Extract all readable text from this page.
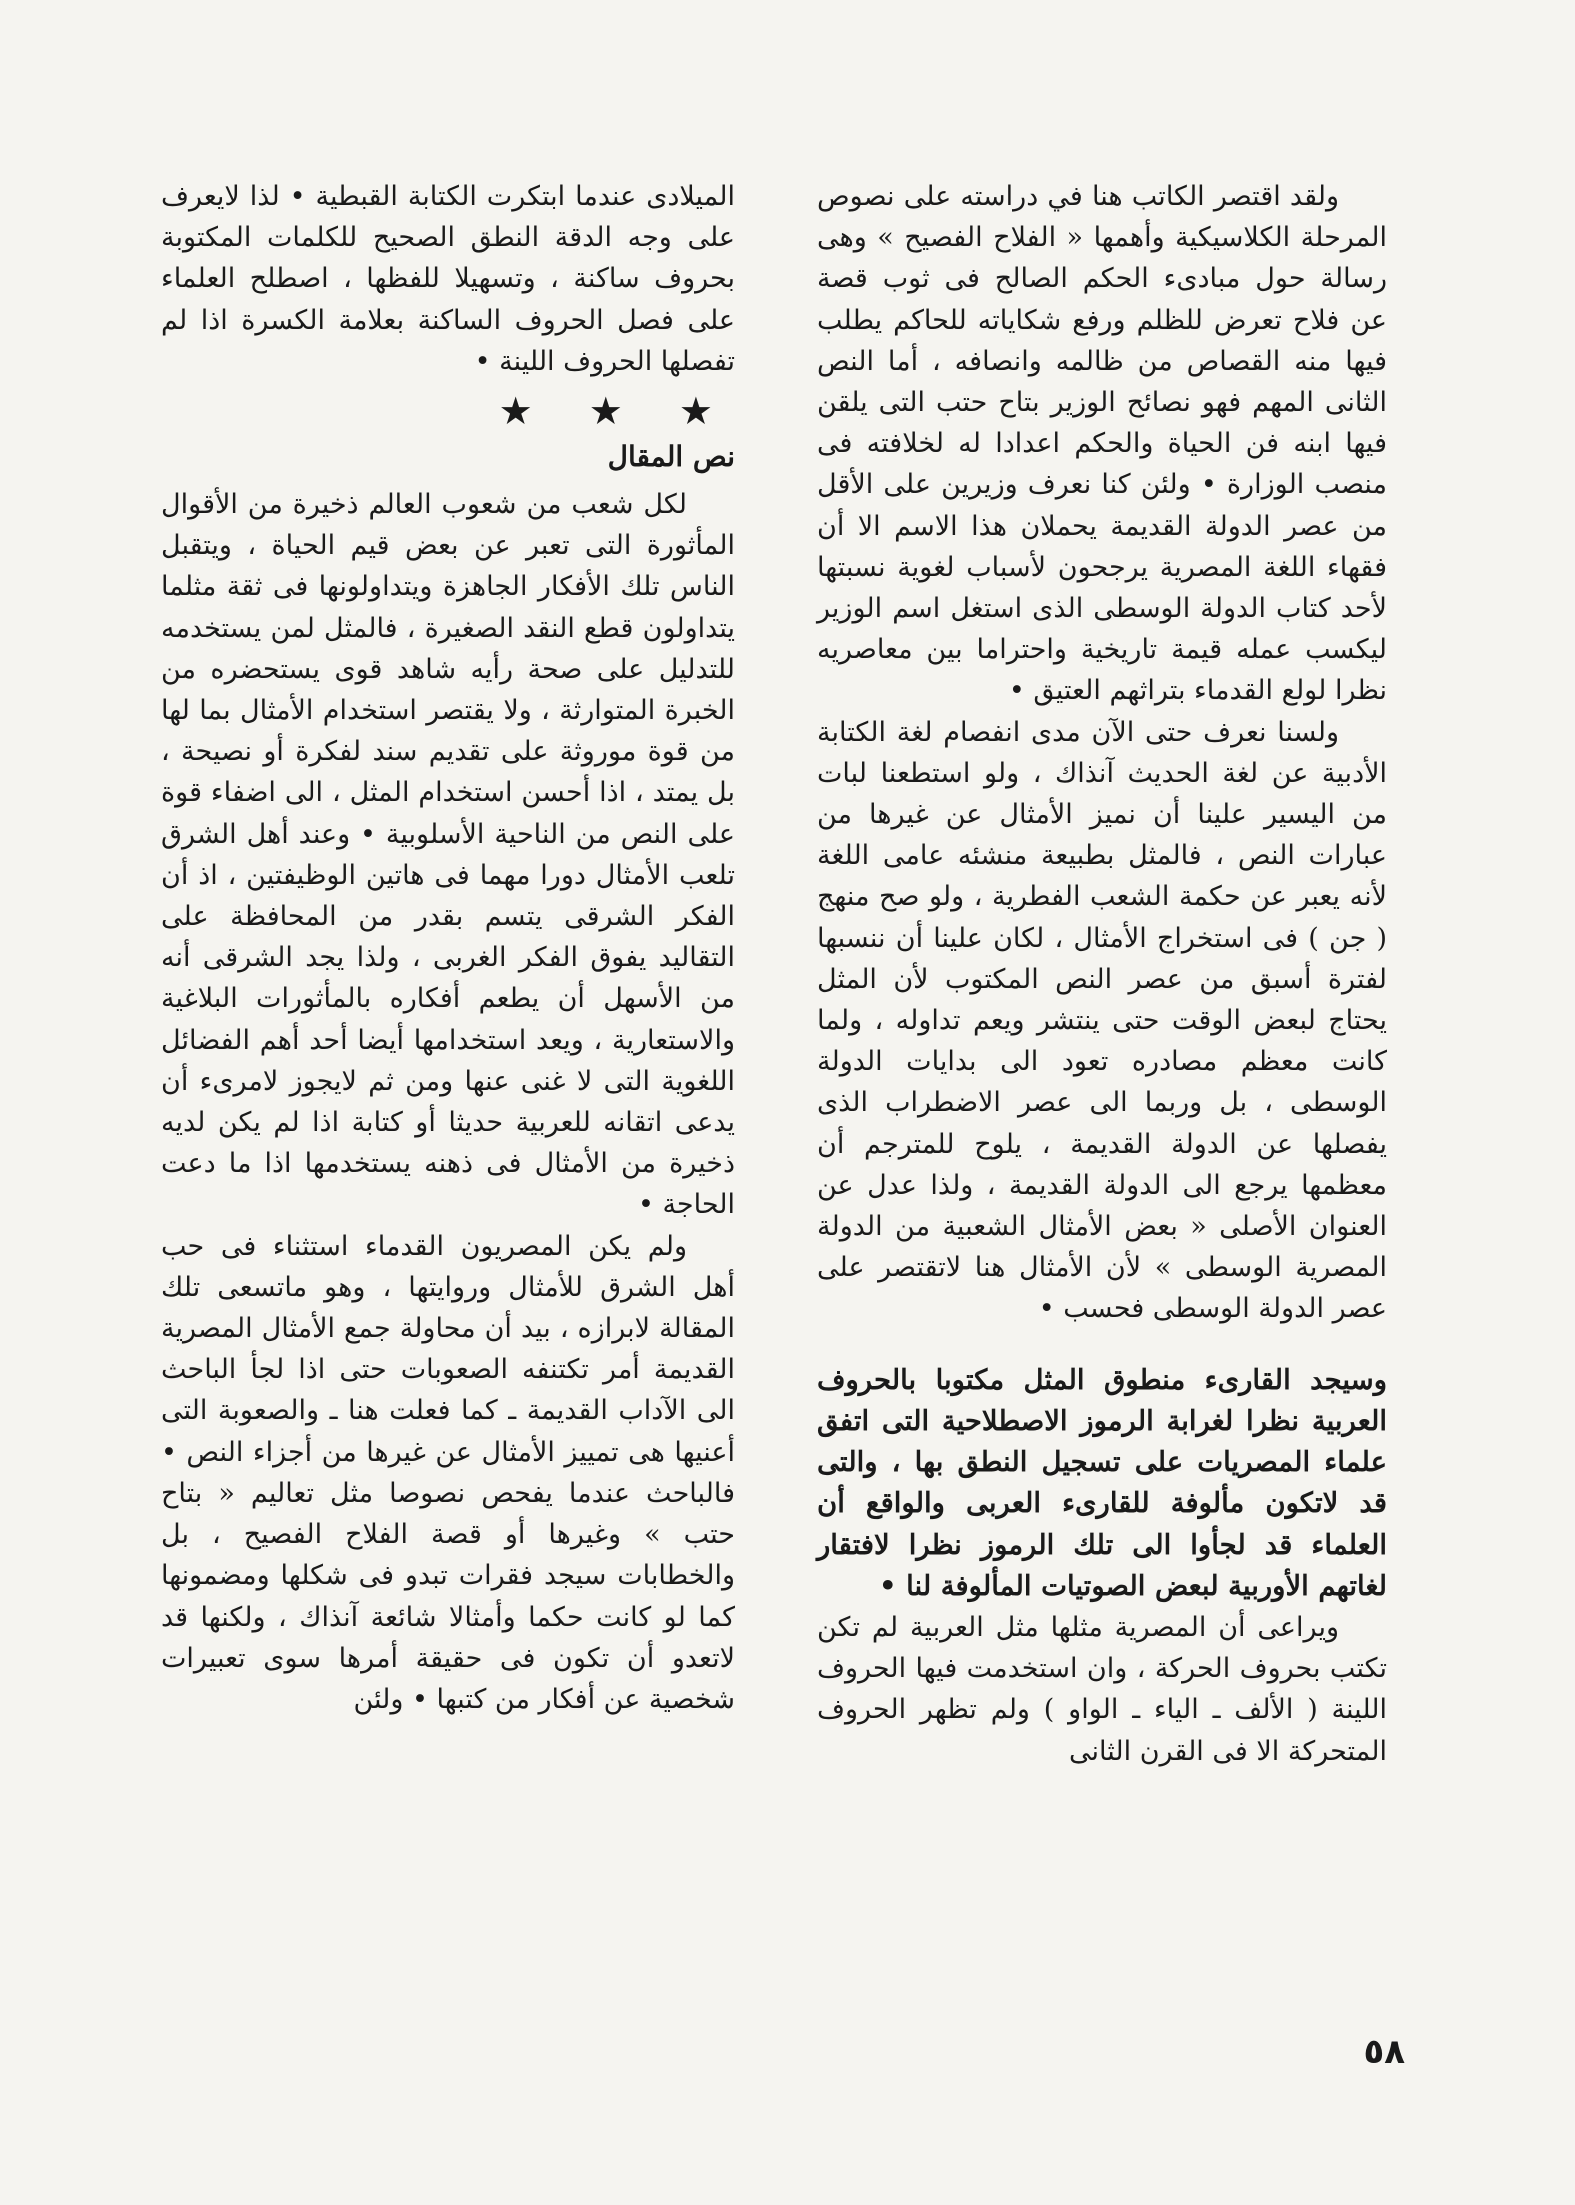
ولقد اقتصر الكاتب هنا في دراسته على نصوص المرحلة الكلاسيكية وأهمها « الفلاح الفصيح » وهى رسالة حول مبادىء الحكم الصالح فى ثوب قصة عن فلاح تعرض للظلم ورفع شكاياته للحاكم يطلب فيها منه القصاص من ظالمه وانصافه ، أما النص الثانى المهم فهو نصائح الوزير بتاح حتب التى يلقن فيها ابنه فن الحياة والحكم اعدادا له لخلافته فى منصب الوزارة • ولئن كنا نعرف وزيرين على الأقل من عصر الدولة القديمة يحملان هذا الاسم الا أن فقهاء اللغة المصرية يرجحون لأسباب لغوية نسبتها لأحد كتاب الدولة الوسطى الذى استغل اسم الوزير ليكسب عمله قيمة تاريخية واحتراما بين معاصريه نظرا لولع القدماء بتراثهم العتيق •

ولسنا نعرف حتى الآن مدى انفصام لغة الكتابة الأدبية عن لغة الحديث آنذاك ، ولو استطعنا لبات من اليسير علينا أن نميز الأمثال عن غيرها من عبارات النص ، فالمثل بطبيعة منشئه عامى اللغة لأنه يعبر عن حكمة الشعب الفطرية ، ولو صح منهج ( جن ) فى استخراج الأمثال ، لكان علينا أن ننسبها لفترة أسبق من عصر النص المكتوب لأن المثل يحتاج لبعض الوقت حتى ينتشر ويعم تداوله ، ولما كانت معظم مصادره تعود الى بدايات الدولة الوسطى ، بل وربما الى عصر الاضطراب الذى يفصلها عن الدولة القديمة ، يلوح للمترجم أن معظمها يرجع الى الدولة القديمة ، ولذا عدل عن العنوان الأصلى « بعض الأمثال الشعبية من الدولة المصرية الوسطى » لأن الأمثال هنا لاتقتصر على عصر الدولة الوسطى فحسب •

وسيجد القارىء منطوق المثل مكتوبا بالحروف العربية نظرا لغرابة الرموز الاصطلاحية التى اتفق علماء المصريات على تسجيل النطق بها ، والتى قد لاتكون مألوفة للقارىء العربى والواقع أن العلماء قد لجأوا الى تلك الرموز نظرا لافتقار لغاتهم الأوربية لبعض الصوتيات المألوفة لنا •

ويراعى أن المصرية مثلها مثل العربية لم تكن تكتب بحروف الحركة ، وان استخدمت فيها الحروف اللينة ( الألف ـ الياء ـ الواو ) ولم تظهر الحروف المتحركة الا فى القرن الثانى

الميلادى عندما ابتكرت الكتابة القبطية • لذا لايعرف على وجه الدقة النطق الصحيح للكلمات المكتوبة بحروف ساكنة ، وتسهيلا للفظها ، اصطلح العلماء على فصل الحروف الساكنة بعلامة الكسرة اذا لم تفصلها الحروف اللينة •

★ ★ ★
نص المقال

لكل شعب من شعوب العالم ذخيرة من الأقوال المأثورة التى تعبر عن بعض قيم الحياة ، ويتقبل الناس تلك الأفكار الجاهزة ويتداولونها فى ثقة مثلما يتداولون قطع النقد الصغيرة ، فالمثل لمن يستخدمه للتدليل على صحة رأيه شاهد قوى يستحضره من الخبرة المتوارثة ، ولا يقتصر استخدام الأمثال بما لها من قوة موروثة على تقديم سند لفكرة أو نصيحة ، بل يمتد ، اذا أحسن استخدام المثل ، الى اضفاء قوة على النص من الناحية الأسلوبية • وعند أهل الشرق تلعب الأمثال دورا مهما فى هاتين الوظيفتين ، اذ أن الفكر الشرقى يتسم بقدر من المحافظة على التقاليد يفوق الفكر الغربى ، ولذا يجد الشرقى أنه من الأسهل أن يطعم أفكاره بالمأثورات البلاغية والاستعارية ، ويعد استخدامها أيضا أحد أهم الفضائل اللغوية التى لا غنى عنها ومن ثم لايجوز لامرىء أن يدعى اتقانه للعربية حديثا أو كتابة اذا لم يكن لديه ذخيرة من الأمثال فى ذهنه يستخدمها اذا ما دعت الحاجة •

ولم يكن المصريون القدماء استثناء فى حب أهل الشرق للأمثال وروايتها ، وهو ماتسعى تلك المقالة لابرازه ، بيد أن محاولة جمع الأمثال المصرية القديمة أمر تكتنفه الصعوبات حتى اذا لجأ الباحث الى الآداب القديمة ـ كما فعلت هنا ـ والصعوبة التى أعنيها هى تمييز الأمثال عن غيرها من أجزاء النص • فالباحث عندما يفحص نصوصا مثل تعاليم « بتاح حتب » وغيرها أو قصة الفلاح الفصيح ، بل والخطابات سيجد فقرات تبدو فى شكلها ومضمونها كما لو كانت حكما وأمثالا شائعة آنذاك ، ولكنها قد لاتعدو أن تكون فى حقيقة أمرها سوى تعبيرات شخصية عن أفكار من كتبها • ولئن

٥٨
